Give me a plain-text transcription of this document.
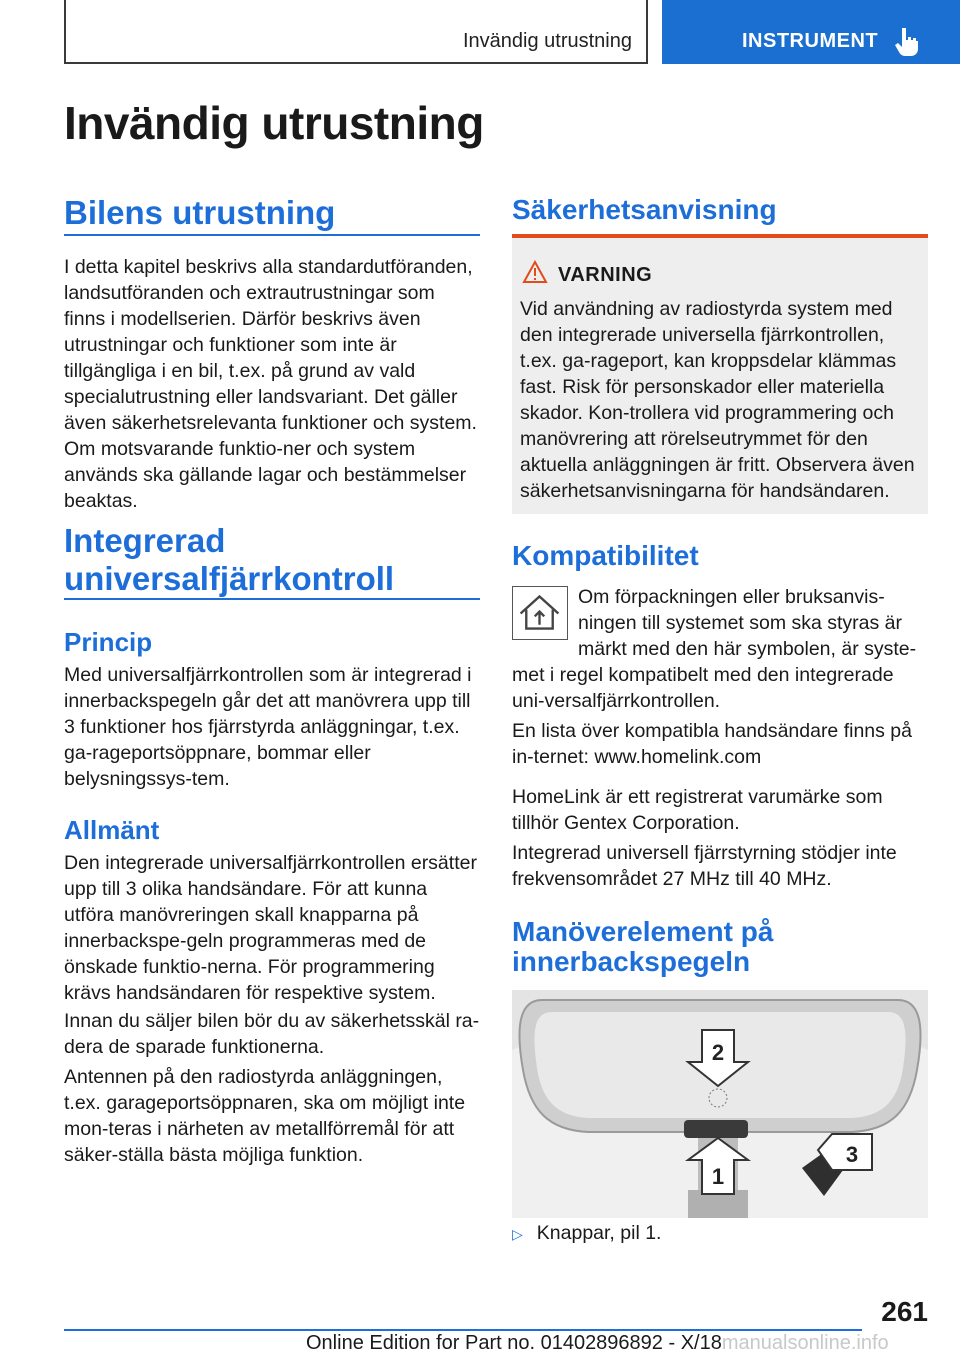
Invändig utrustning	INSTRUMENT
Invändig utrustning
Bilens utrustning

I detta kapitel beskrivs alla standardutföranden, landsutföranden och extrautrustningar som finns i modellserien. Därför beskrivs även utrustningar och funktioner som inte är tillgängliga i en bil, t.ex. på grund av vald specialutrustning eller landsvariant. Det gäller även säkerhetsrelevanta funktioner och system. Om motsvarande funktio-ner och system används ska gällande lagar och bestämmelser beaktas.

Integrerad
universalfjärrkontroll
Princip

Med universalfjärrkontrollen som är integrerad i innerbackspegeln går det att manövrera upp till 3 funktioner hos fjärrstyrda anläggningar, t.ex. ga-rageportsöppnare, bommar eller belysningssys-tem.

Allmänt

Den integrerade universalfjärrkontrollen ersätter upp till 3 olika handsändare. För att kunna utföra manövreringen skall knapparna på innerbackspe-geln programmeras med de önskade funktio-nerna. För programmering krävs handsändaren för respektive system.

Innan du säljer bilen bör du av säkerhetsskäl ra-dera de sparade funktionerna.

Antennen på den radiostyrda anläggningen, t.ex. garageportsöppnaren, ska om möjligt inte mon-teras i närheten av metallförremål för att säker-ställa bästa möjliga funktion.

Säkerhetsanvisning
VARNING

Vid användning av radiostyrda system med den integrerade universella fjärrkontrollen, t.ex. ga-rageport, kan kroppsdelar klämmas fast. Risk för personskador eller materiella skador. Kon-trollera vid programmering och manövrering att rörelseutrymmet för den aktuella anläggningen är fritt. Observera även säkerhetsanvisningarna för handsändaren.

Kompatibilitet
Om förpackningen eller bruksanvis-
ningen till systemet som ska styras är
märkt med den här symbolen, är syste-

met i regel kompatibelt med den integrerade uni-versalfjärrkontrollen.

En lista över kompatibla handsändare finns på in-ternet: www.homelink.com

HomeLink är ett registrerat varumärke som tillhör Gentex Corporation.

Integrerad universell fjärrstyrning stödjer inte frekvensområdet 27 MHz till 40 MHz.

Manöverelement på
innerbackspegeln
2
1
3
▷ Knappar, pil 1.
261
Online Edition for Part no. 01402896892 - X/18manualsonline.info
